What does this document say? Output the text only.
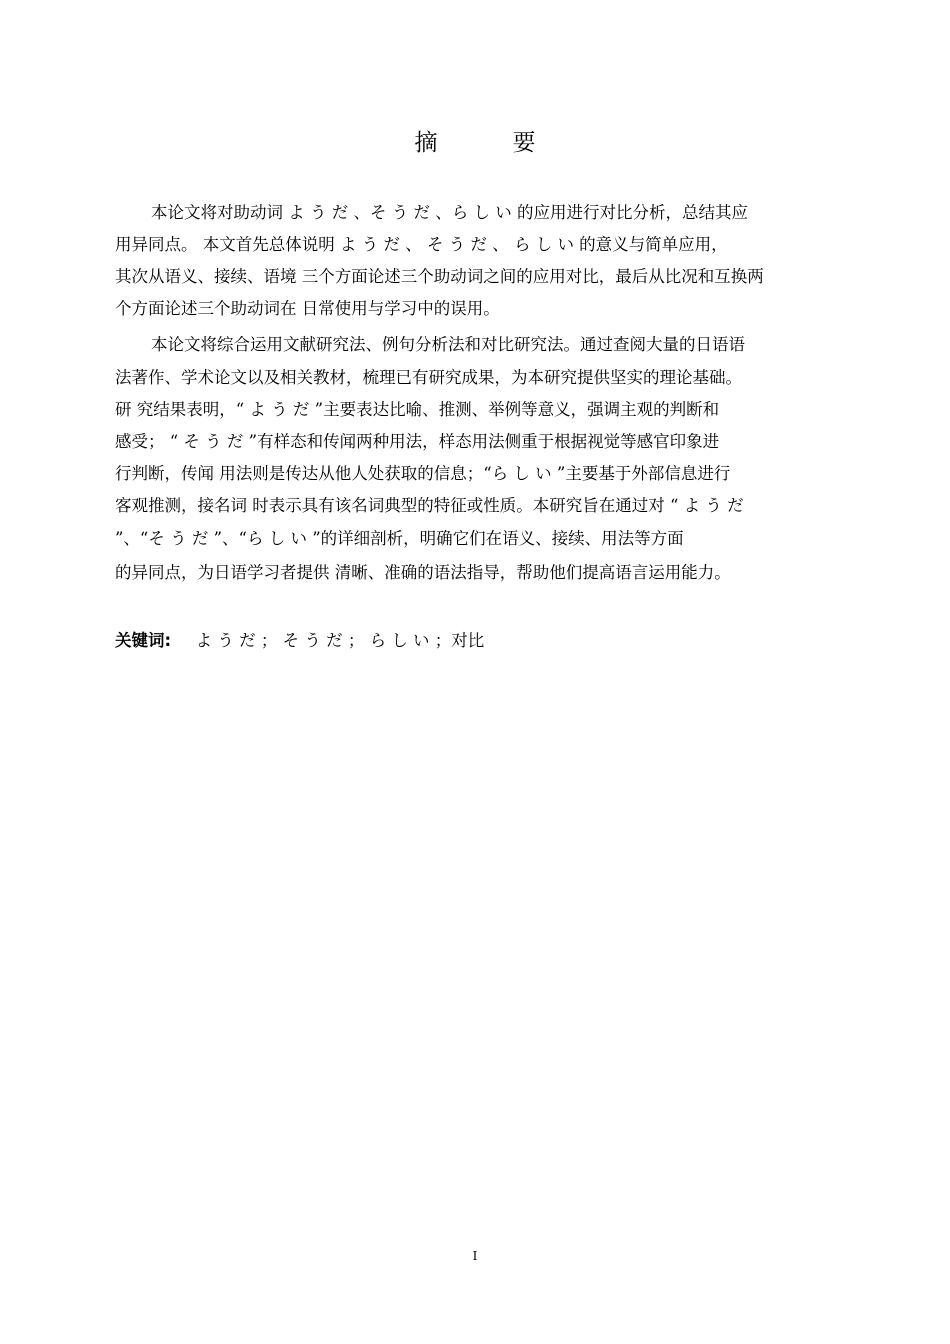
摘　要
本论文将对助动词 よ う だ 、そ う だ 、ら し い 的应用进行对比分析，总结其应
用异同点。 本文首先总体说明 よ う だ 、 そ う だ 、 ら し い 的意义与简单应用，
其次从语义、接续、语境 三个方面论述三个助动词之间的应用对比，最后从比况和互换两
个方面论述三个助动词在 日常使用与学习中的误用。
本论文将综合运用文献研究法、例句分析法和对比研究法。通过查阅大量的日语语
法著作、学术论文以及相关教材，梳理已有研究成果，为本研究提供坚实的理论基础。
研 究结果表明，“ よ う だ ”主要表达比喻、推测、举例等意义，强调主观的判断和
感受； “ そ う だ ”有样态和传闻两种用法，样态用法侧重于根据视觉等感官印象进
行判断，传闻 用法则是传达从他人处获取的信息；“ら し い ”主要基于外部信息进行
客观推测，接名词 时表示具有该名词典型的特征或性质。本研究旨在通过对 “ よ う だ
”、“そ う だ ”、“ら し い ”的详细剖析，明确它们在语义、接续、用法等方面
的异同点，为日语学习者提供 清晰、准确的语法指导，帮助他们提高语言运用能力。
关键词: よ う だ ； そ う だ ； ら し い ；对比
I
